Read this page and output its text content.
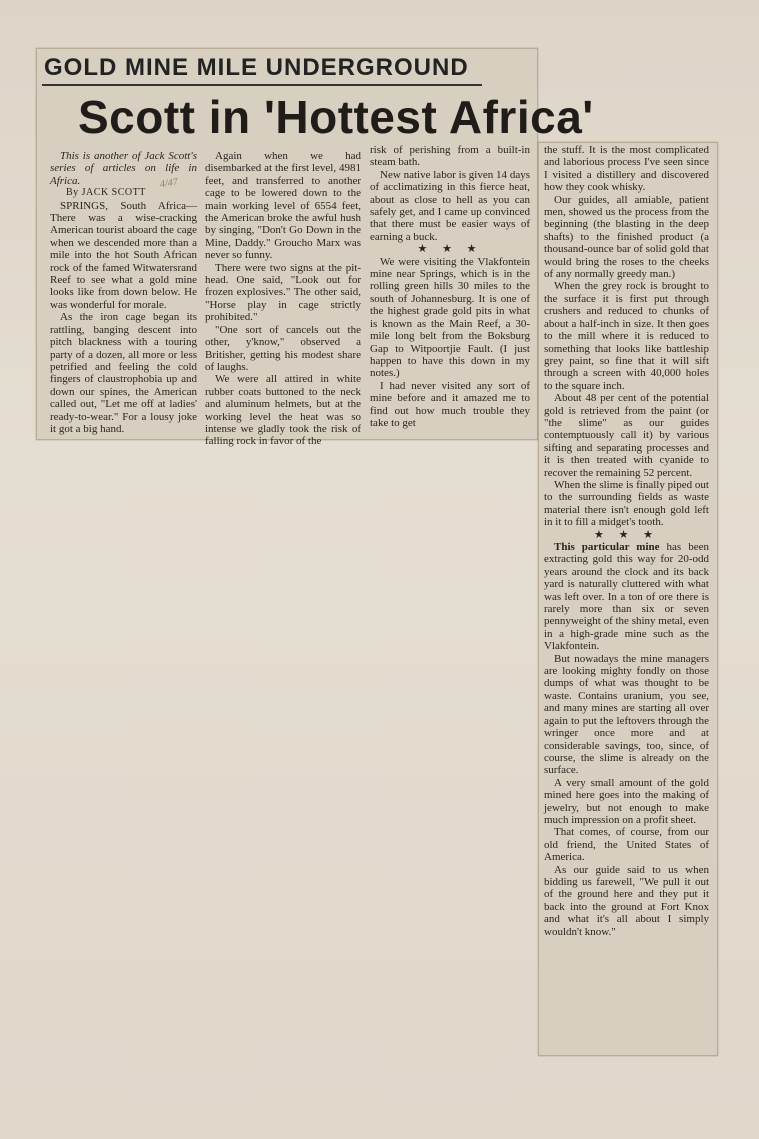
GOLD MINE MILE UNDERGROUND
Scott in 'Hottest Africa'
4/47

This is another of Jack Scott's series of articles on life in Africa.

By JACK SCOTT

SPRINGS, South Africa— There was a wise-cracking American tourist aboard the cage when we descended more than a mile into the hot South African rock of the famed Witwatersrand Reef to see what a gold mine looks like from down below. He was wonderful for morale.

As the iron cage began its rattling, banging descent into pitch blackness with a touring party of a dozen, all more or less petrified and feeling the cold fingers of claustrophobia up and down our spines, the American called out, "Let me off at ladies' ready-to-wear." For a lousy joke it got a big hand.

Again when we had disembarked at the first level, 4981 feet, and transferred to another cage to be lowered down to the main working level of 6554 feet, the American broke the awful hush by singing, "Don't Go Down in the Mine, Daddy." Groucho Marx was never so funny.

There were two signs at the pit-head. One said, "Look out for frozen explosives." The other said, "Horse play in cage strictly prohibited."

"One sort of cancels out the other, y'know," observed a Britisher, getting his modest share of laughs.

We were all attired in white rubber coats buttoned to the neck and aluminum helmets, but at the working level the heat was so intense we gladly took the risk of falling rock in favor of the

risk of perishing from a built-in steam bath.

New native labor is given 14 days of acclimatizing in this fierce heat, about as close to hell as you can safely get, and I came up convinced that there must be easier ways of earning a buck.

★ ★ ★

We were visiting the Vlakfontein mine near Springs, which is in the rolling green hills 30 miles to the south of Johannesburg. It is one of the highest grade gold pits in what is known as the Main Reef, a 30-mile long belt from the Boksburg Gap to Witpoortjie Fault. (I just happen to have this down in my notes.)

I had never visited any sort of mine before and it amazed me to find out how much trouble they take to get

the stuff. It is the most complicated and laborious process I've seen since I visited a distillery and discovered how they cook whisky.

Our guides, all amiable, patient men, showed us the process from the beginning (the blasting in the deep shafts) to the finished product (a thousand-ounce bar of solid gold that would bring the roses to the cheeks of any normally greedy man.)

When the grey rock is brought to the surface it is first put through crushers and reduced to chunks of about a half-inch in size. It then goes to the mill where it is reduced to something that looks like battleship grey paint, so fine that it will sift through a screen with 40,000 holes to the square inch.

About 48 per cent of the potential gold is retrieved from the paint (or "the slime" as our guides contemptuously call it) by various sifting and separating processes and it is then treated with cyanide to recover the remaining 52 percent.

When the slime is finally piped out to the surrounding fields as waste material there isn't enough gold left in it to fill a midget's tooth.

★ ★ ★

This particular mine has been extracting gold this way for 20-odd years around the clock and its back yard is naturally cluttered with what was left over. In a ton of ore there is rarely more than six or seven pennyweight of the shiny metal, even in a high-grade mine such as the Vlakfontein.

But nowadays the mine managers are looking mighty fondly on those dumps of what was thought to be waste. Contains uranium, you see, and many mines are starting all over again to put the leftovers through the wringer once more and at considerable savings, too, since, of course, the slime is already on the surface.

A very small amount of the gold mined here goes into the making of jewelry, but not enough to make much impression on a profit sheet.

That comes, of course, from our old friend, the United States of America.

As our guide said to us when bidding us farewell, "We pull it out of the ground here and they put it back into the ground at Fort Knox and what it's all about I simply wouldn't know."
